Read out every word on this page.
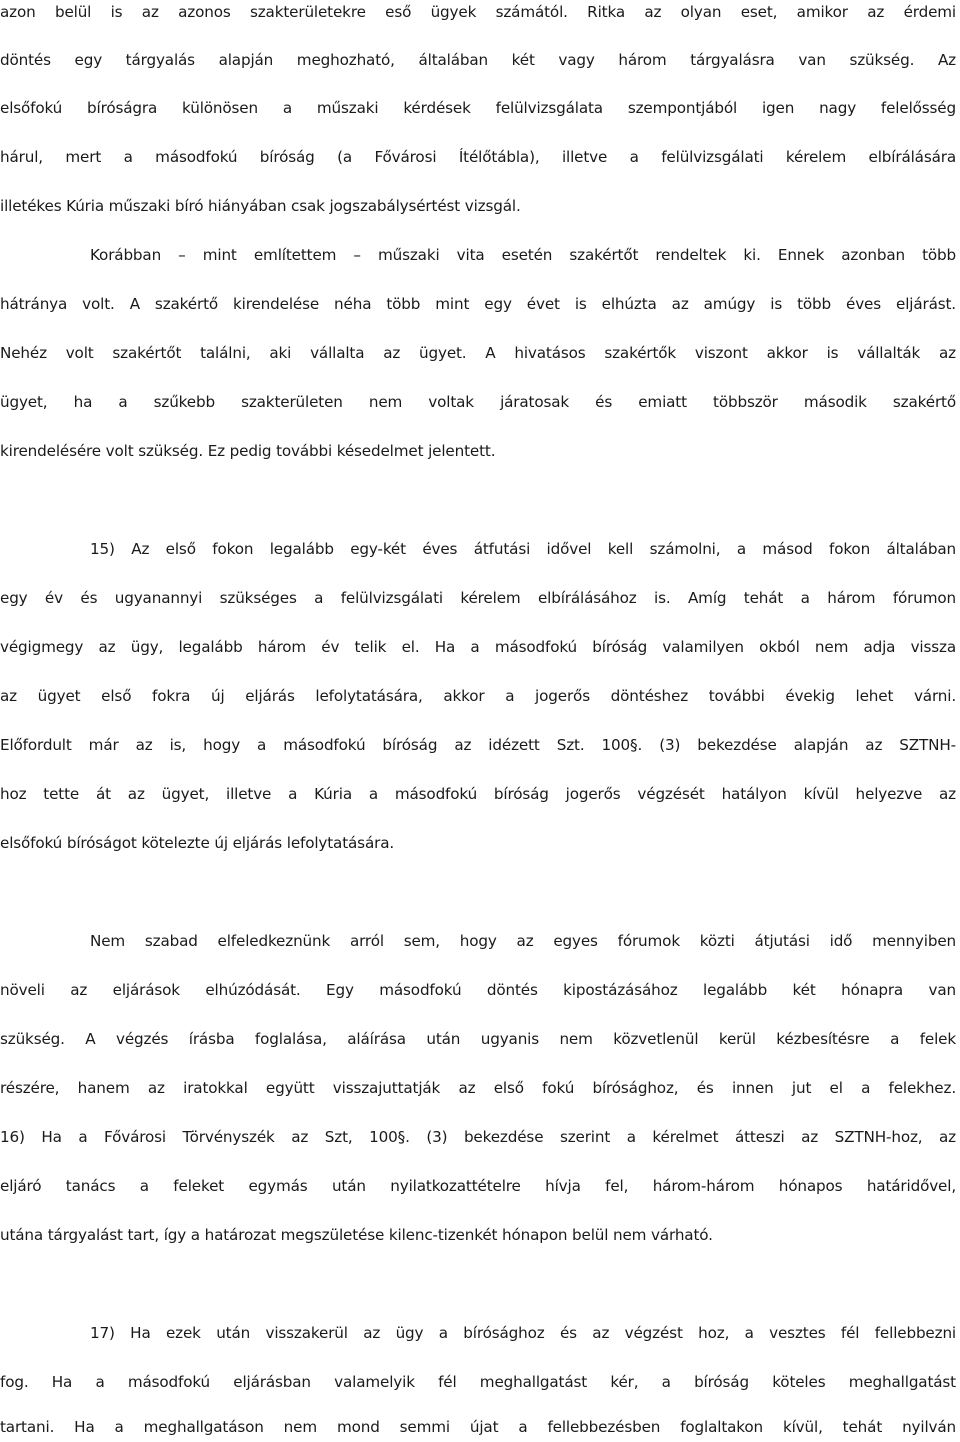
azon belül is az azonos szakterületekre eső ügyek számától. Ritka az olyan eset, amikor az érdemi
döntés egy tárgyalás alapján meghozható, általában két vagy három tárgyalásra van szükség. Az
elsőfokú bíróságra különösen a műszaki kérdések felülvizsgálata szempontjából igen nagy felelősség
hárul, mert a másodfokú bíróság (a Fővárosi Ítélőtábla), illetve a felülvizsgálati kérelem elbírálására
illetékes Kúria műszaki bíró hiányában csak jogszabálysértést vizsgál.
Korábban – mint említettem – műszaki vita esetén szakértőt rendeltek ki. Ennek azonban több
hátránya volt. A szakértő kirendelése néha több mint egy évet is elhúzta az amúgy is több éves eljárást.
Nehéz volt szakértőt találni, aki vállalta az ügyet. A hivatásos szakértők viszont akkor is vállalták az
ügyet, ha a szűkebb szakterületen nem voltak járatosak és emiatt többször második szakértő
kirendelésére volt szükség. Ez pedig további késedelmet jelentett.
15) Az első fokon legalább egy-két éves átfutási idővel kell számolni, a másod fokon általában
egy év és ugyanannyi szükséges a felülvizsgálati kérelem elbírálásához is. Amíg tehát a három fórumon
végigmegy az ügy, legalább három év telik el. Ha a másodfokú bíróság valamilyen okból nem adja vissza
az ügyet első fokra új eljárás lefolytatására, akkor a jogerős döntéshez további évekig lehet várni.
Előfordult már az is, hogy a másodfokú bíróság az idézett Szt. 100§. (3) bekezdése alapján az SZTNH-
hoz tette át az ügyet, illetve a Kúria a másodfokú bíróság jogerős végzését hatályon kívül helyezve az
elsőfokú bíróságot kötelezte új eljárás lefolytatására.
Nem szabad elfeledkeznünk arról sem, hogy az egyes fórumok közti átjutási idő mennyiben
növeli az eljárások elhúzódását. Egy másodfokú döntés kipostázásához legalább két hónapra van
szükség. A végzés írásba foglalása, aláírása után ugyanis nem közvetlenül kerül kézbesítésre a felek
részére, hanem az iratokkal együtt visszajuttatják az első fokú bírósághoz, és innen jut el a felekhez.
16) Ha a Fővárosi Törvényszék az Szt, 100§. (3) bekezdése szerint a kérelmet átteszi az SZTNH-hoz, az
eljáró tanács a feleket egymás után nyilatkozattételre hívja fel, három-három hónapos határidővel,
utána tárgyalást tart, így a határozat megszületése kilenc-tizenkét hónapon belül nem várható.
17) Ha ezek után visszakerül az ügy a bírósághoz és az végzést hoz, a vesztes fél fellebbezni
fog. Ha a másodfokú eljárásban valamelyik fél meghallgatást kér, a bíróság köteles meghallgatást
tartani. Ha a meghallgatáson nem mond semmi újat a fellebbezésben foglaltakon kívül, tehát nyilván
